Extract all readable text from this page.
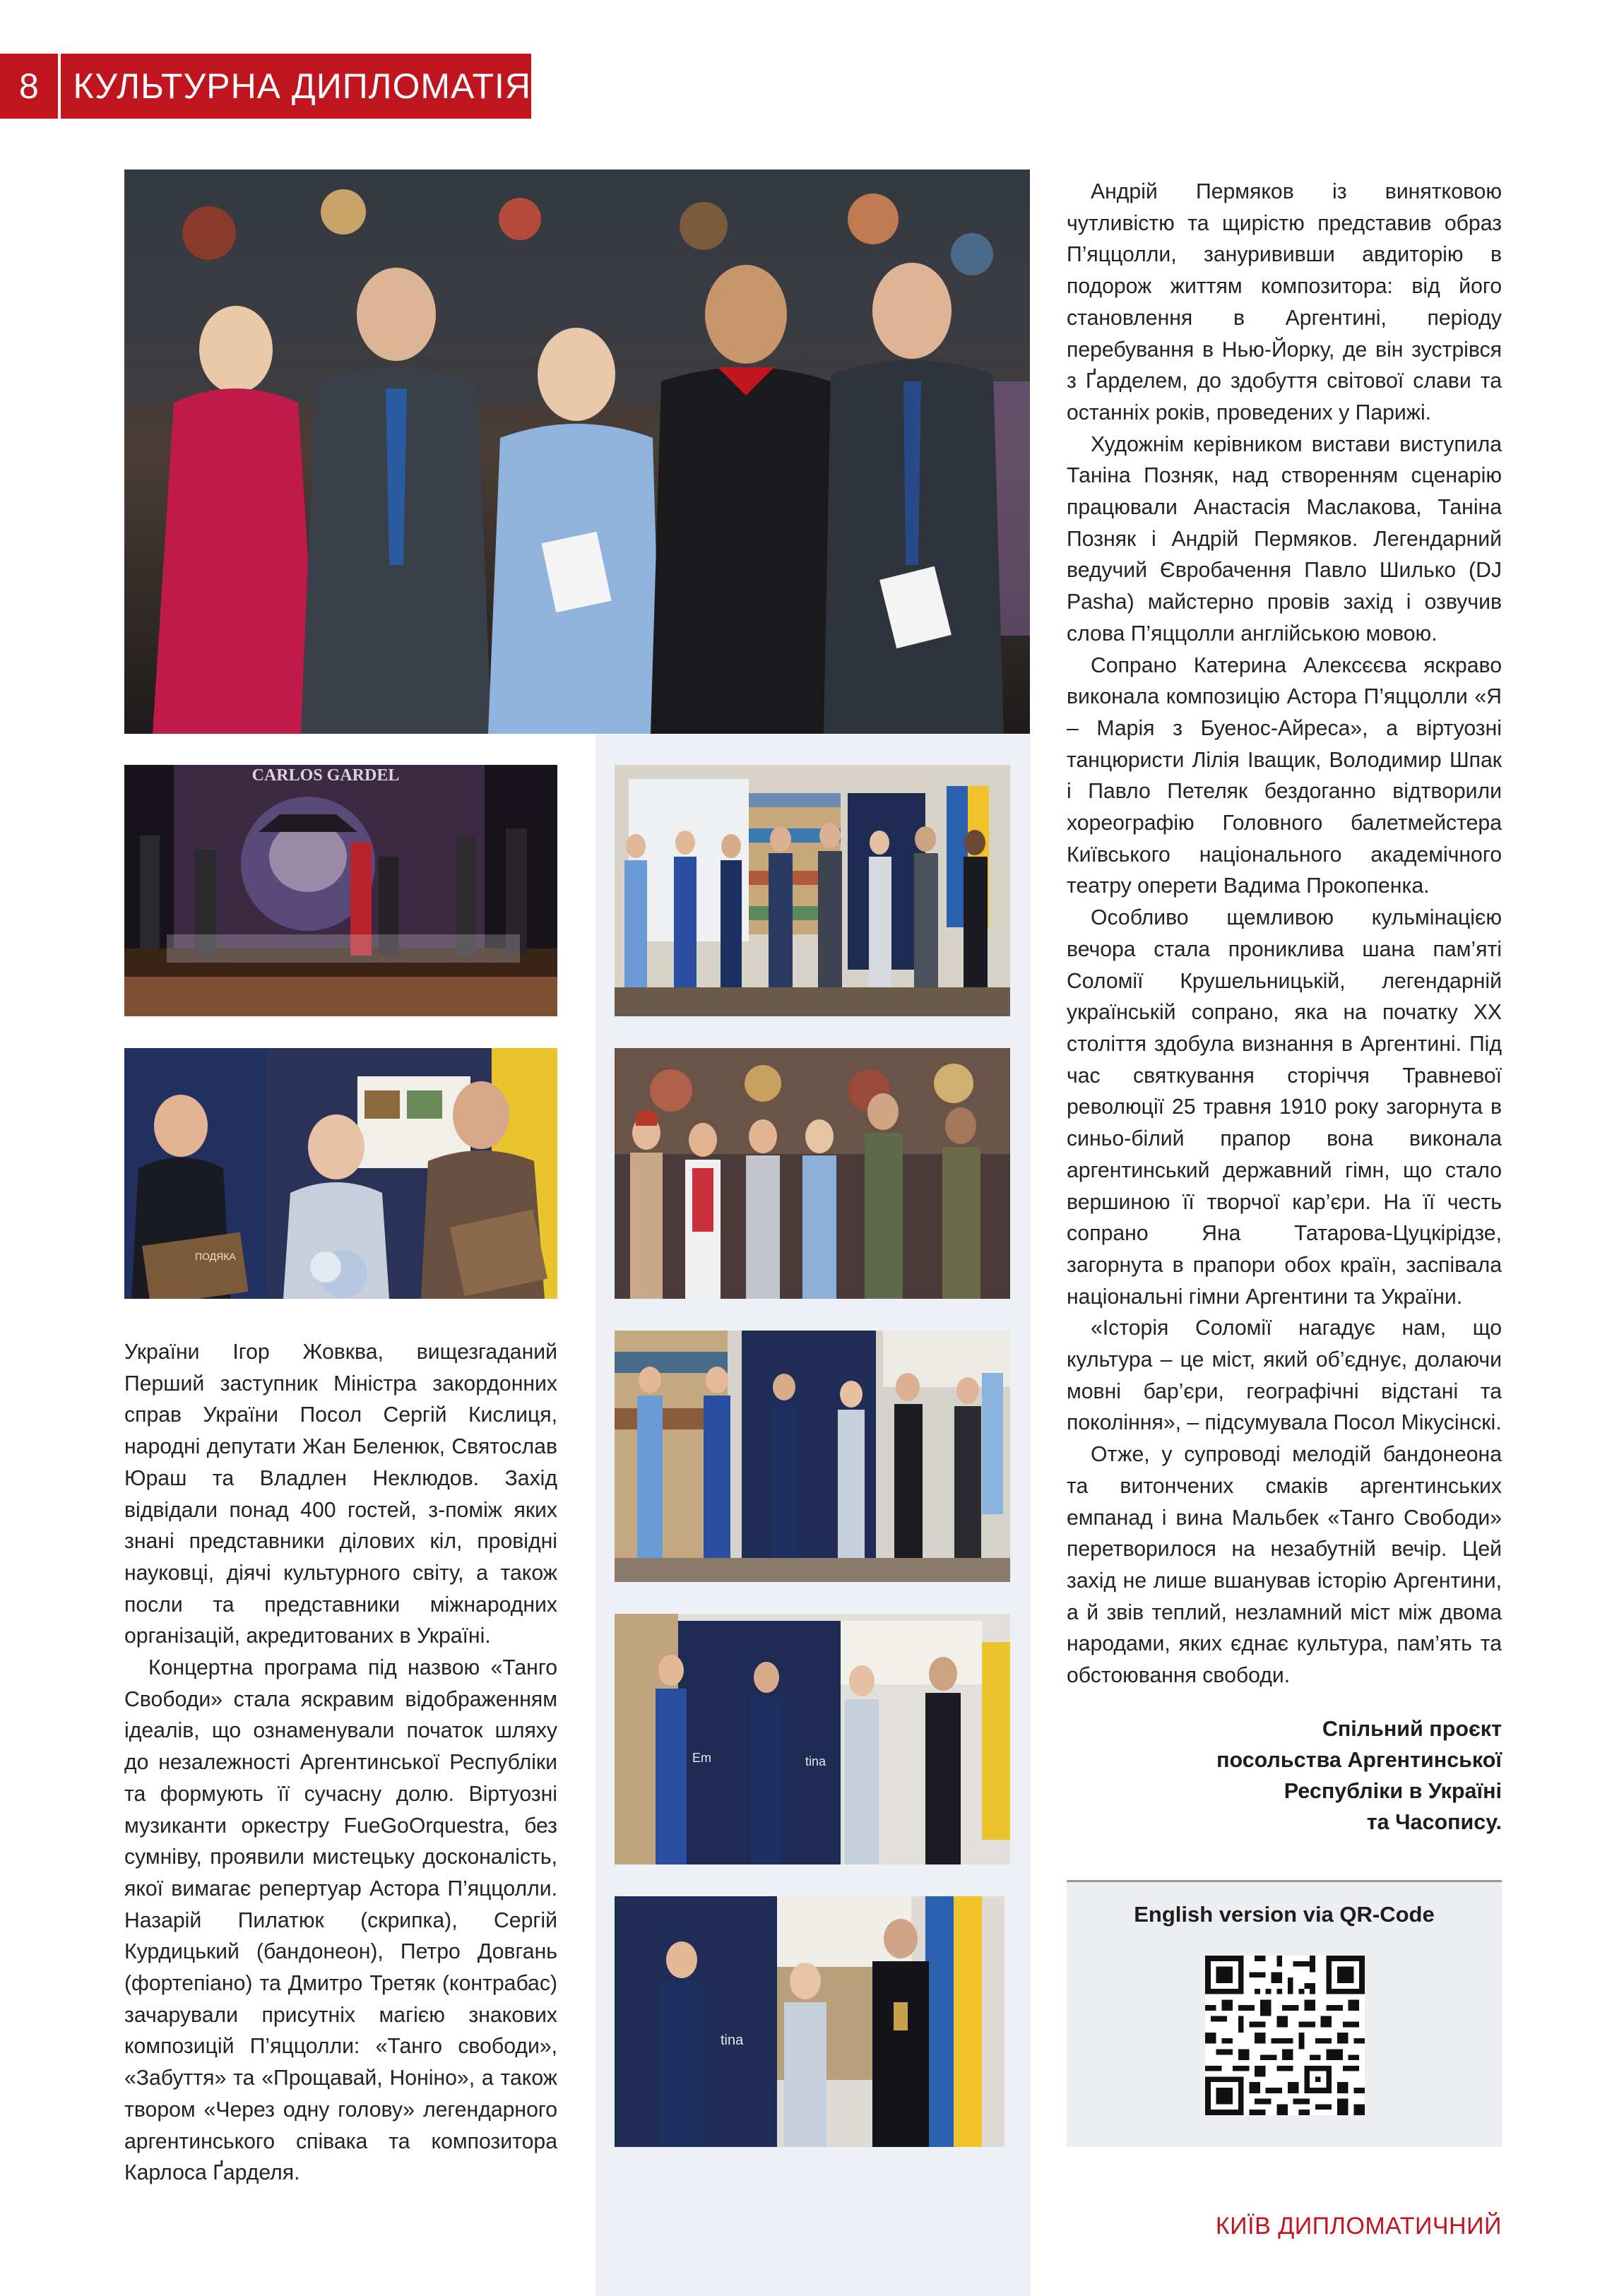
8 КУЛЬТУРНА ДИПЛОМАТІЯ
CARLOS GARDEL
ПОДЯКА
Em	tina
tina

України Ігор Жовква, вищезгаданий Перший заступник Міністра закордонних справ України Посол Сергій Кислиця, народні депутати Жан Беленюк, Святослав Юраш та Владлен Неклюдов. Захід відвідали понад 400 гостей, з-поміж яких знані представники ділових кіл, провідні науковці, діячі культурного світу, а також посли та представники міжнародних організацій, акредитованих в Україні.

Концертна програма під назвою «Танго Свободи» стала яскравим відображенням ідеалів, що ознаменували початок шляху до незалежності Аргентинської Республіки та формують її сучасну долю. Віртуозні музиканти оркестру FueGoOrquestra, без сумніву, проявили мистецьку досконалість, якої вимагає репертуар Астора П’яццолли. Назарій Пилатюк (скрипка), Сергій Курдицький (бандонеон), Петро Довгань (фортепіано) та Дмитро Третяк (контрабас) зачарували присутніх магією знакових композицій П’яццолли: «Танго свободи», «Забуття» та «Прощавай, Ноніно», а також твором «Через одну голову» легендарного аргентинського співака та композитора Карлоса Ґарделя.

Андрій Пермяков із винятковою чутливістю та щирістю представив образ П’яццолли, занурививши авдиторію в подорож життям композитора: від його становлення в Аргентині, періоду перебування в Нью-Йорку, де він зустрівся з Ґарделем, до здобуття світової слави та останніх років, проведених у Парижі.

Художнім керівником вистави виступила Таніна Позняк, над створенням сценарію працювали Анастасія Маслакова, Таніна Позняк і Андрій Пермяков. Легендарний ведучий Євробачення Павло Шилько (DJ Pasha) майстерно провів захід і озвучив слова П’яццолли англійською мовою.

Сопрано Катерина Алексєєва яскраво виконала композицію Астора П’яццолли «Я – Марія з Буенос-Айреса», а віртуозні танцюристи Лілія Іващик, Володимир Шпак і Павло Петеляк бездоганно відтворили хореографію Головного балетмейстера Київського національного академічного театру оперети Вадима Прокопенка.

Особливо щемливою кульмінацією вечора стала прониклива шана пам’яті Соломії Крушельницькій, легендарній українській сопрано, яка на початку ХХ століття здобула визнання в Аргентині. Під час святкування сторіччя Травневої революції 25 травня 1910 року загорнута в синьо-білий прапор вона виконала аргентинський державний гімн, що стало вершиною її творчої кар’єри. На її честь сопрано Яна Татарова-Цуцкірідзе, загорнута в прапори обох країн, заспівала національні гімни Аргентини та України.

«Історія Соломії нагадує нам, що культура – це міст, який об’єднує, долаючи мовні бар’єри, географічні відстані та покоління», – підсумувала Посол Мікусінскі.

Отже, у супроводі мелодій бандонеона та витончених смаків аргентинських емпанад і вина Мальбек «Танго Свободи» перетворилося на незабутній вечір. Цей захід не лише вшанував історію Аргентини, а й звів теплий, незламний міст між двома народами, яких єднає культура, пам’ять та обстоювання свободи.

Спільний проєкт
посольства Аргентинської
Республіки в Україні
та Часопису.
English version via QR-Code
КИЇВ ДИПЛОМАТИЧНИЙ
